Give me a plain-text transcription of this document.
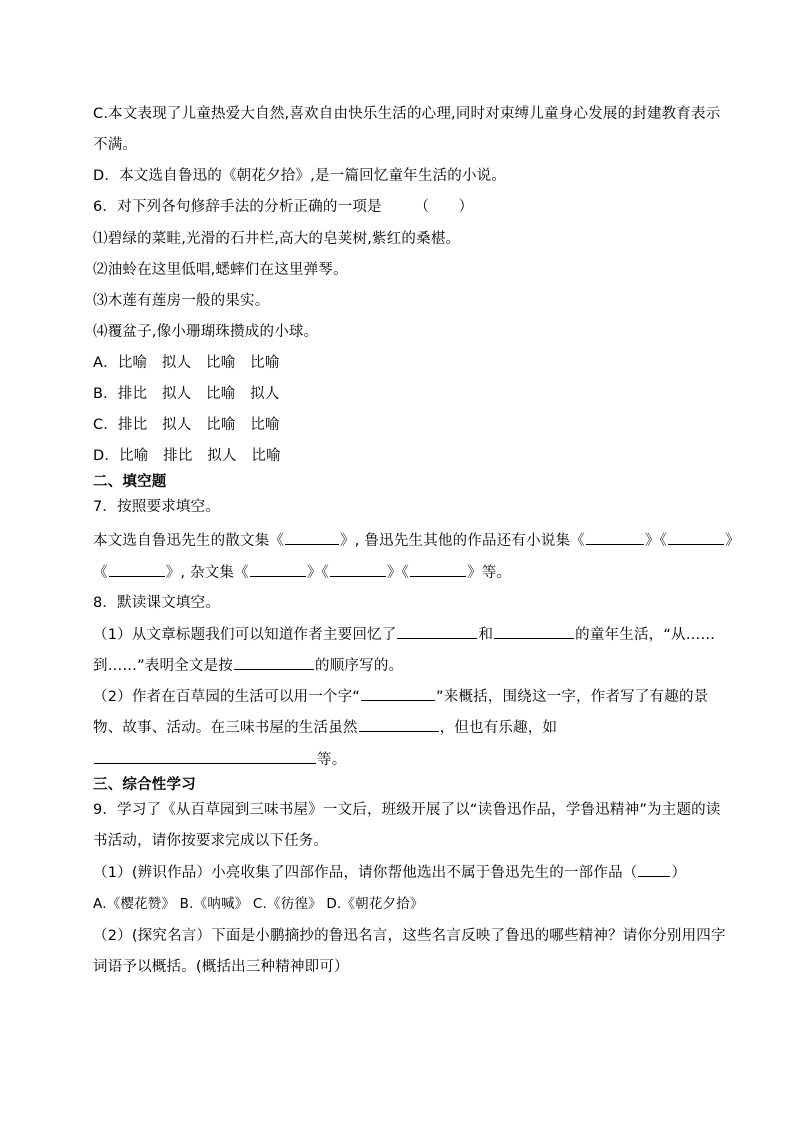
C.本文表现了儿童热爱大自然,喜欢自由快乐生活的心理,同时对束缚儿童身心发展的封建教育表示
不满。
D．本文选自鲁迅的《朝花夕拾》,是一篇回忆童年生活的小说。
6．对下列各句修辞手法的分析正确的一项是 （　　）
⑴碧绿的菜畦,光滑的石井栏,高大的皂荚树,紫红的桑椹。
⑵油蛉在这里低唱,蟋蟀们在这里弹琴。
⑶木莲有莲房一般的果实。
⑷覆盆子,像小珊瑚珠攒成的小球。
A．比喻　拟人　比喻　比喻
B．排比　拟人　比喻　拟人
C．排比　拟人　比喻　比喻
D．比喻　排比　拟人　比喻
二、填空题
7．按照要求填空。
本文选自鲁迅先生的散文集《	》, 鲁迅先生其他的作品还有小说集《	》《	》
《	》, 杂文集《	》《	》《	》等。
8．默读课文填空。
（1）从文章标题我们可以知道作者主要回忆了	和	的童年生活，“从……
到……”表明全文是按	的顺序写的。
（2）作者在百草园的生活可以用一个字“	”来概括，围绕这一字，作者写了有趣的景
物、故事、活动。在三味书屋的生活虽然	，但也有乐趣，如
等。
三、综合性学习
9．学习了《从百草园到三味书屋》一文后，班级开展了以“读鲁迅作品，学鲁迅精神”为主题的读
书活动，请你按要求完成以下任务。
（1）(辨识作品）小亮收集了四部作品，请你帮他选出不属于鲁迅先生的一部作品（ ）
A.《樱花赞》 B.《呐喊》 C.《彷徨》 D.《朝花夕拾》
（2）(探究名言）下面是小鹏摘抄的鲁迅名言，这些名言反映了鲁迅的哪些精神？请你分别用四字
词语予以概括。(概括出三种精神即可）
